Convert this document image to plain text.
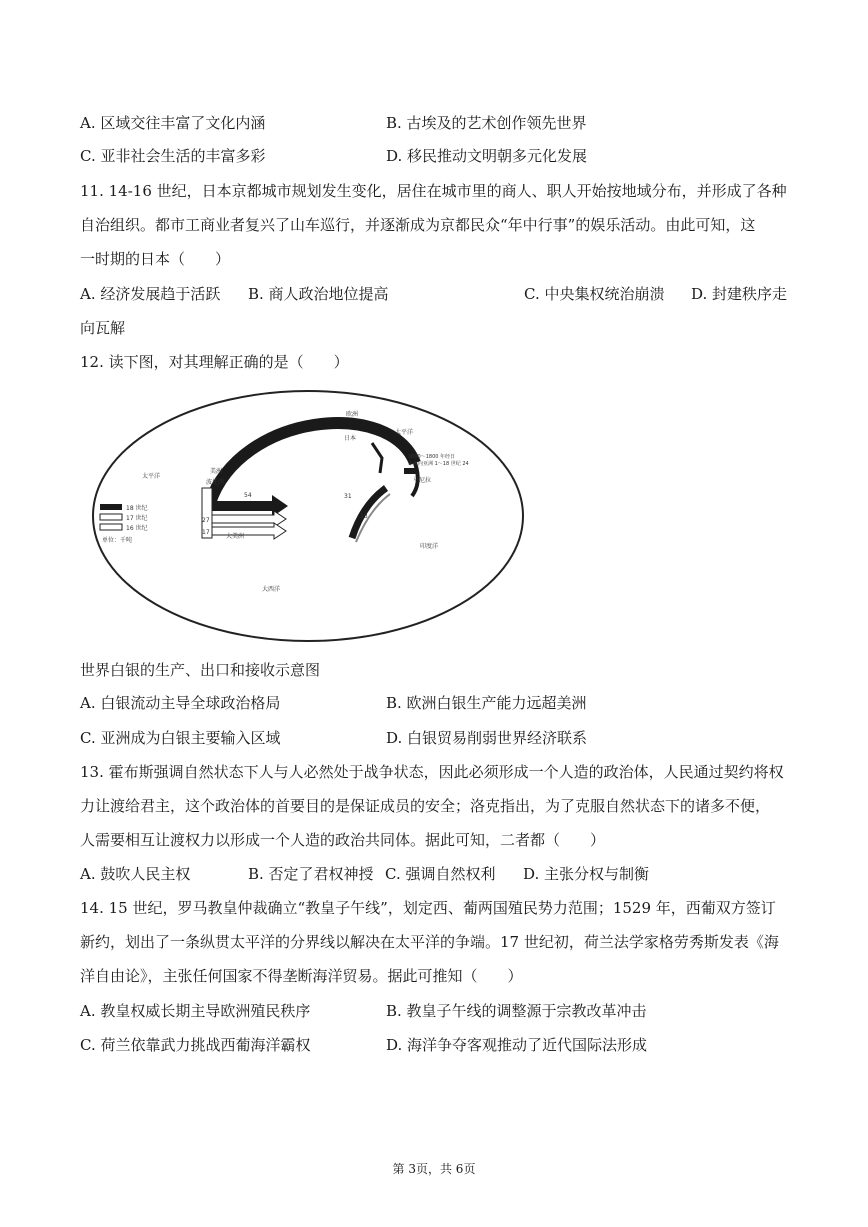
A. 区域交往丰富了文化内涵	B. 古埃及的艺术创作领先世界
C. 亚非社会生活的丰富多彩	D. 移民推动文明朝多元化发展
11. 14-16 世纪，日本京都城市规划发生变化，居住在城市里的商人、职人开始按地域分布，并形成了各种
自治组织。都市工商业者复兴了山车巡行，并逐渐成为京都民众“年中行事”的娱乐活动。由此可知，这
一时期的日本（　　）
A. 经济发展趋于活跃 B. 商人政治地位提高	C. 中央集权统治崩溃 D. 封建秩序走
向瓦解
12. 读下图，对其理解正确的是（　　）
18 世纪
17 世纪
16 世纪
单位：千吨
太平洋
太平洋
大西洋
印度洋
美洲
波托西
大美洲
日本
马尼拉
欧洲
1600～1800 年经日
本流向亚洲 1～18 世纪 24
54
27
17
31
13
世界白银的生产、出口和接收示意图
A. 白银流动主导全球政治格局	B. 欧洲白银生产能力远超美洲
C. 亚洲成为白银主要输入区域	D. 白银贸易削弱世界经济联系
13. 霍布斯强调自然状态下人与人必然处于战争状态，因此必须形成一个人造的政治体，人民通过契约将权
力让渡给君主，这个政治体的首要目的是保证成员的安全；洛克指出，为了克服自然状态下的诸多不便，
人需要相互让渡权力以形成一个人造的政治共同体。据此可知，二者都（　　）
A. 鼓吹人民主权	B. 否定了君权神授 C. 强调自然权利 D. 主张分权与制衡
14. 15 世纪，罗马教皇仲裁确立“教皇子午线”，划定西、葡两国殖民势力范围；1529 年，西葡双方签订
新约，划出了一条纵贯太平洋的分界线以解决在太平洋的争端。17 世纪初，荷兰法学家格劳秀斯发表《海
洋自由论》，主张任何国家不得垄断海洋贸易。据此可推知（　　）
A. 教皇权威长期主导欧洲殖民秩序	B. 教皇子午线的调整源于宗教改革冲击
C. 荷兰依靠武力挑战西葡海洋霸权	D. 海洋争夺客观推动了近代国际法形成
第 3页，共 6页
